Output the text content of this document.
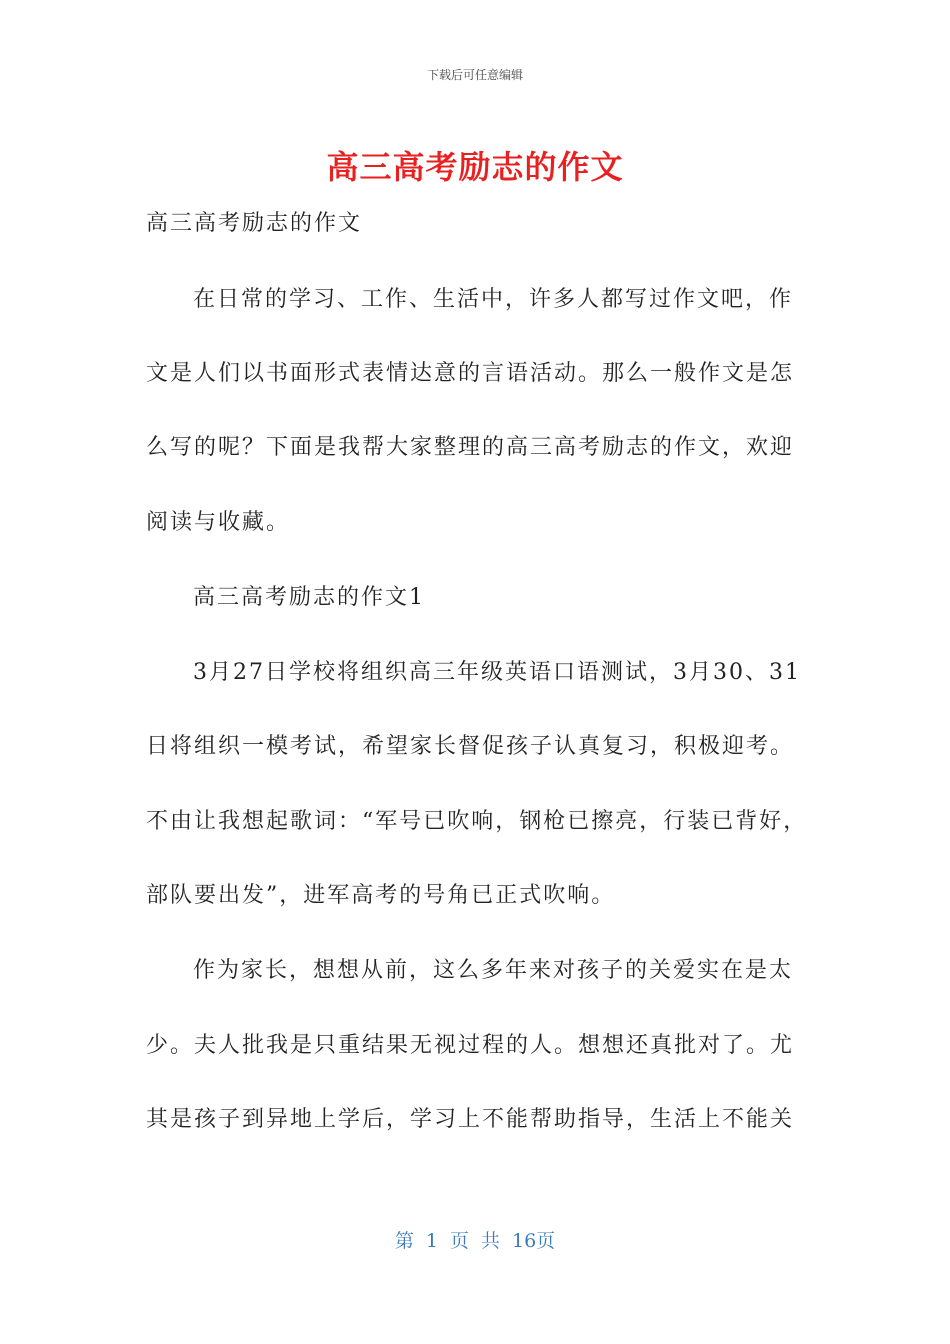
下载后可任意编辑
高三高考励志的作文
高三高考励志的作文
在日常的学习、工作、生活中，许多人都写过作文吧，作
文是人们以书面形式表情达意的言语活动。那么一般作文是怎
么写的呢？下面是我帮大家整理的高三高考励志的作文，欢迎
阅读与收藏。
高三高考励志的作文1
3月27日学校将组织高三年级英语口语测试，3月30、31
日将组织一模考试，希望家长督促孩子认真复习，积极迎考。
不由让我想起歌词：“军号已吹响，钢枪已擦亮，行装已背好，
部队要出发”，进军高考的号角已正式吹响。
作为家长，想想从前，这么多年来对孩子的关爱实在是太
少。夫人批我是只重结果无视过程的人。想想还真批对了。尤
其是孩子到异地上学后，学习上不能帮助指导，生活上不能关
第 1 页 共 16页
